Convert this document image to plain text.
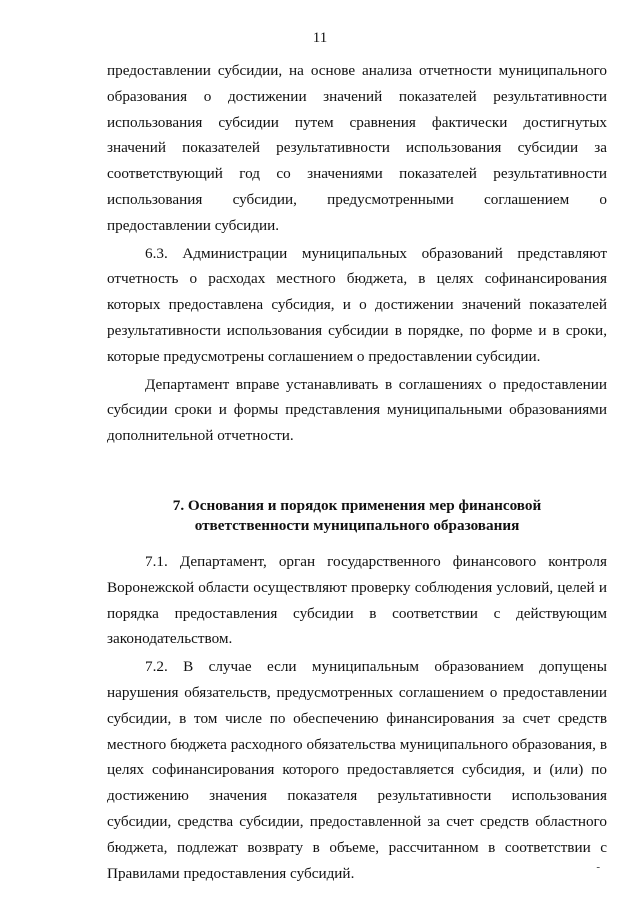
11

предоставлении субсидии, на основе анализа отчетности муниципального образования о достижении значений показателей результативности использования субсидии путем сравнения фактически достигнутых значений показателей результативности использования субсидии за соответствующий год со значениями показателей результативности использования субсидии, предусмотренными соглашением о предоставлении субсидии.

6.3. Администрации муниципальных образований представляют отчетность о расходах местного бюджета, в целях софинансирования которых предоставлена субсидия, и о достижении значений показателей результативности использования субсидии в порядке, по форме и в сроки, которые предусмотрены соглашением о предоставлении субсидии.

Департамент вправе устанавливать в соглашениях о предоставлении субсидии сроки и формы представления муниципальными образованиями дополнительной отчетности.

7. Основания и порядок применения мер финансовой
ответственности муниципального образования

7.1. Департамент, орган государственного финансового контроля Воронежской области осуществляют проверку соблюдения условий, целей и порядка предоставления субсидии в соответствии с действующим законодательством.

7.2. В случае если муниципальным образованием допущены нарушения обязательств, предусмотренных соглашением о предоставлении субсидии, в том числе по обеспечению финансирования за счет средств местного бюджета расходного обязательства муниципального образования, в целях софинансирования которого предоставляется субсидия, и (или) по достижению значения показателя результативности использования субсидии, средства субсидии, предоставленной за счет средств областного бюджета, подлежат возврату в объеме, рассчитанном в соответствии с Правилами предоставления субсидий.	-
